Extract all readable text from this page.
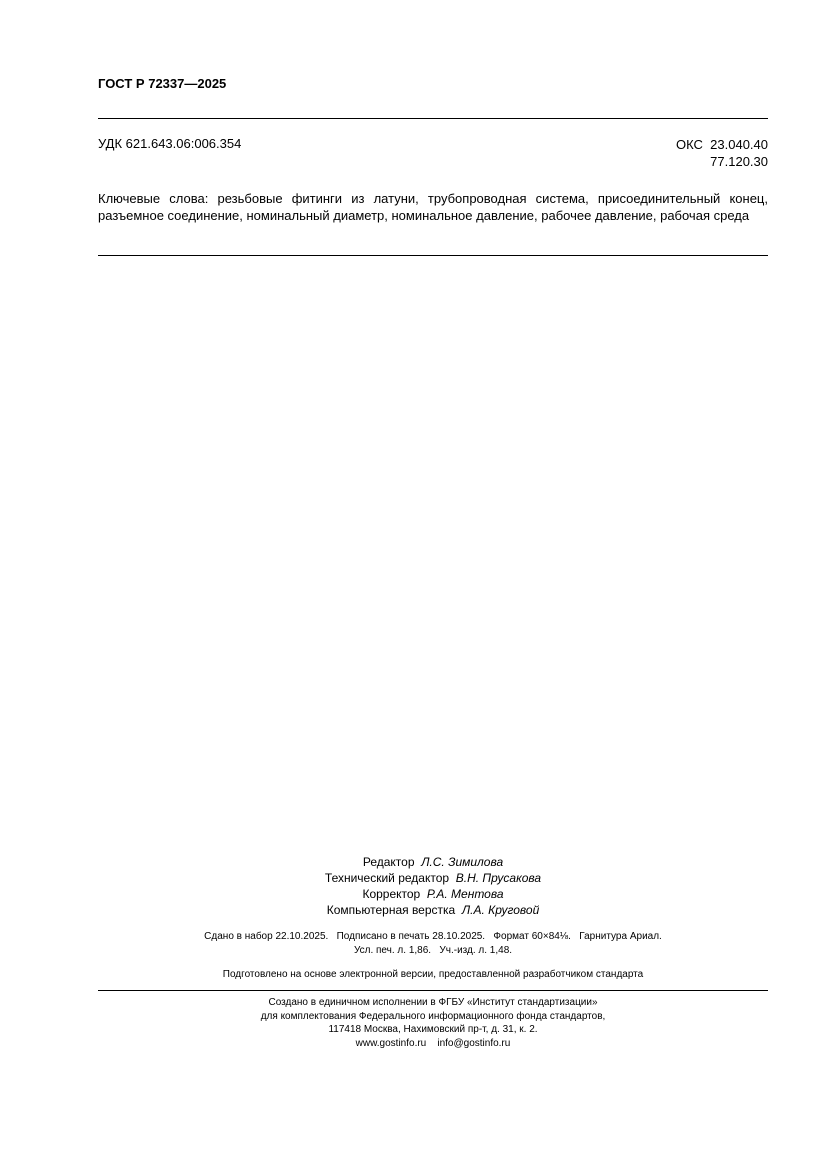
ГОСТ Р 72337—2025
УДК 621.643.06:006.354	ОКС 23.040.40
77.120.30
Ключевые слова: резьбовые фитинги из латуни, трубопроводная система, присоединительный конец, разъемное соединение, номинальный диаметр, номинальное давление, рабочее давление, рабочая среда
Редактор Л.С. Зимилова
Технический редактор В.Н. Прусакова
Корректор Р.А. Ментова
Компьютерная верстка Л.А. Круговой
Сдано в набор 22.10.2025.   Подписано в печать 28.10.2025.   Формат 60×84⅛.   Гарнитура Ариал.
Усл. печ. л. 1,86.   Уч.-изд. л. 1,48.
Подготовлено на основе электронной версии, предоставленной разработчиком стандарта
Создано в единичном исполнении в ФГБУ «Институт стандартизации»
для комплектования Федерального информационного фонда стандартов,
117418 Москва, Нахимовский пр-т, д. 31, к. 2.
www.gostinfo.ru    info@gostinfo.ru
